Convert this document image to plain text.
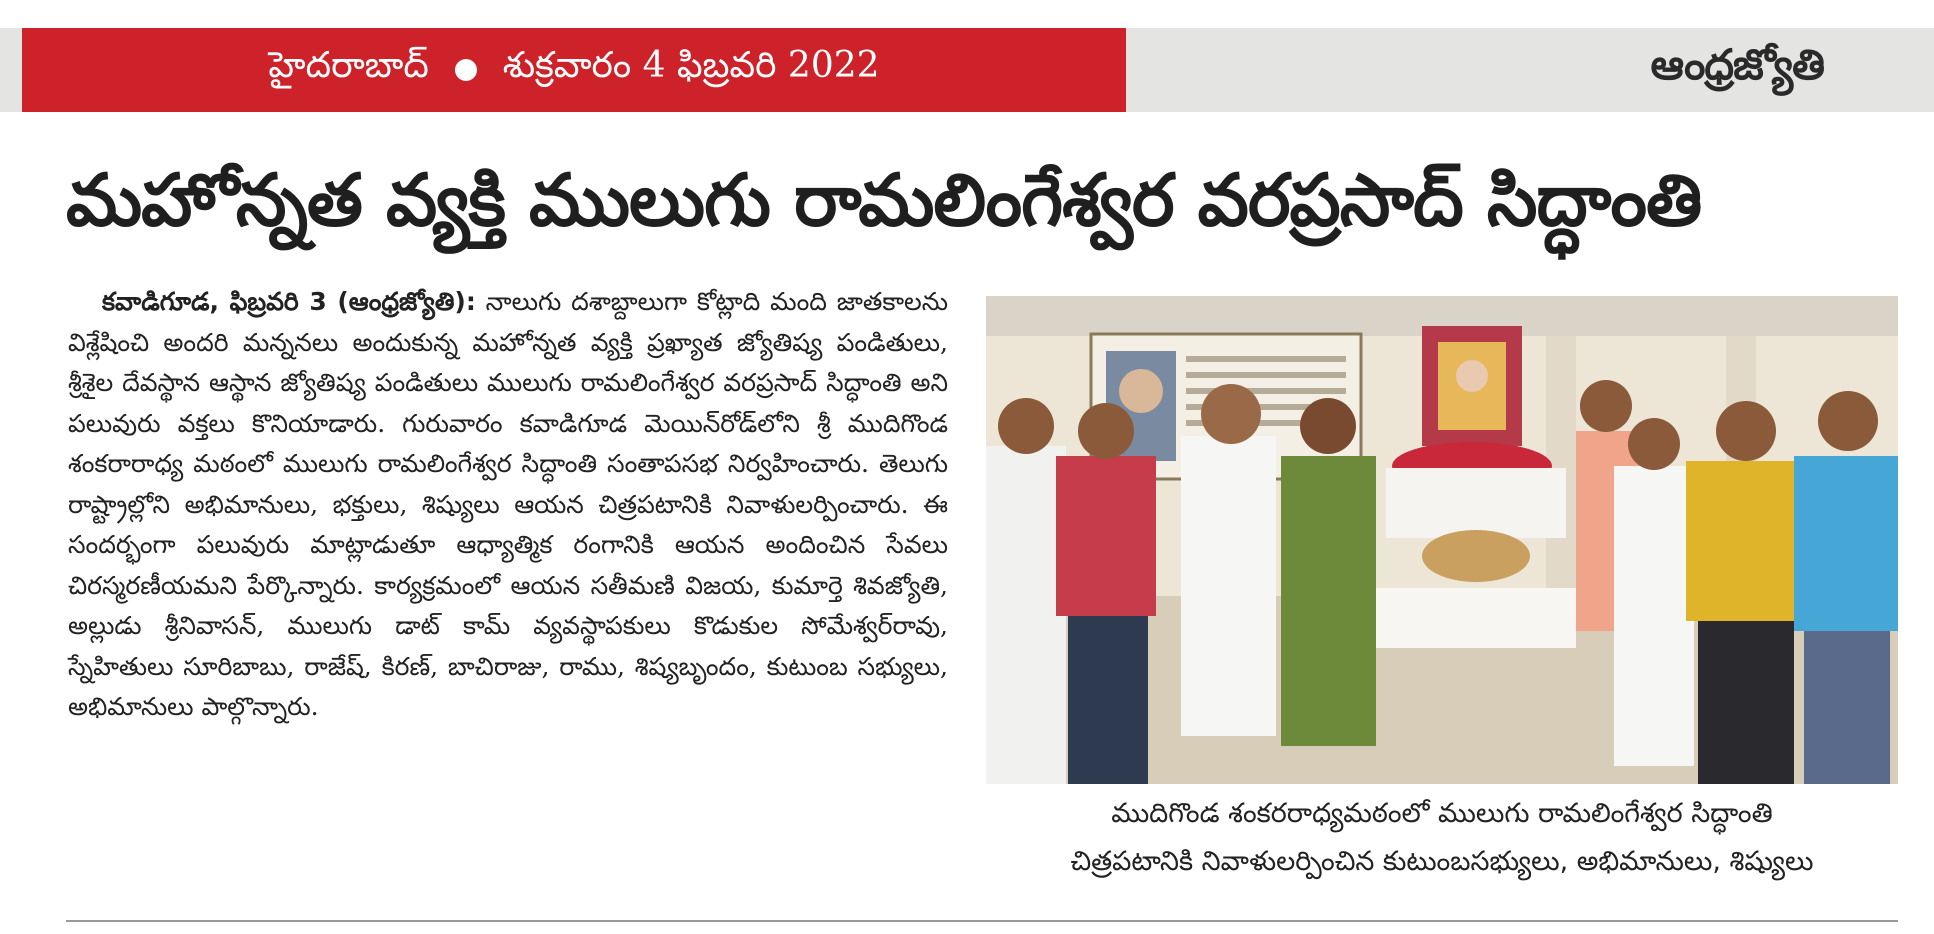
హైదరాబాద్ శుక్రవారం 4 ఫిబ్రవరి 2022	ఆంధ్రజ్యోతి
మహోన్నత వ్యక్తి ములుగు రామలింగేశ్వర వరప్రసాద్ సిద్ధాంతి
కవాడిగూడ, ఫిబ్రవరి 3 (ఆంధ్రజ్యోతి): నాలుగు దశాబ్దాలుగా కోట్లాది మంది జాతకాలను విశ్లేషించి అందరి మన్ననలు అందుకున్న మహోన్నత వ్యక్తి ప్రఖ్యాత జ్యోతిష్య పండితులు, శ్రీశైల దేవస్థాన ఆస్థాన జ్యోతిష్య పండితులు ములుగు రామలింగేశ్వర వరప్రసాద్ సిద్ధాంతి అని పలువురు వక్తలు కొనియాడారు. గురువారం కవాడిగూడ మెయిన్‌రోడ్‌లోని శ్రీ ముదిగొండ శంకరారాధ్య మఠంలో ములుగు రామలింగేశ్వర సిద్ధాంతి సంతాపసభ నిర్వహించారు. తెలుగు రాష్ట్రాల్లోని అభిమానులు, భక్తులు, శిష్యులు ఆయన చిత్రపటానికి నివాళులర్పించారు. ఈ సందర్భంగా పలువురు మాట్లాడుతూ ఆధ్యాత్మిక రంగానికి ఆయన అందించిన సేవలు చిరస్మరణీయమని పేర్కొన్నారు. కార్యక్రమంలో ఆయన సతీమణి విజయ, కుమార్తె శివజ్యోతి, అల్లుడు శ్రీనివాసన్, ములుగు డాట్ కామ్ వ్యవస్థాపకులు కొడుకుల సోమేశ్వర్‌రావు, స్నేహితులు సూరిబాబు, రాజేష్, కిరణ్, బాచిరాజు, రాము, శిష్యబృందం, కుటుంబ సభ్యులు, అభిమానులు పాల్గొన్నారు.
ముదిగొండ శంకరరాధ్యమఠంలో ములుగు రామలింగేశ్వర సిద్ధాంతి
చిత్రపటానికి నివాళులర్పించిన కుటుంబసభ్యులు, అభిమానులు, శిష్యులు
